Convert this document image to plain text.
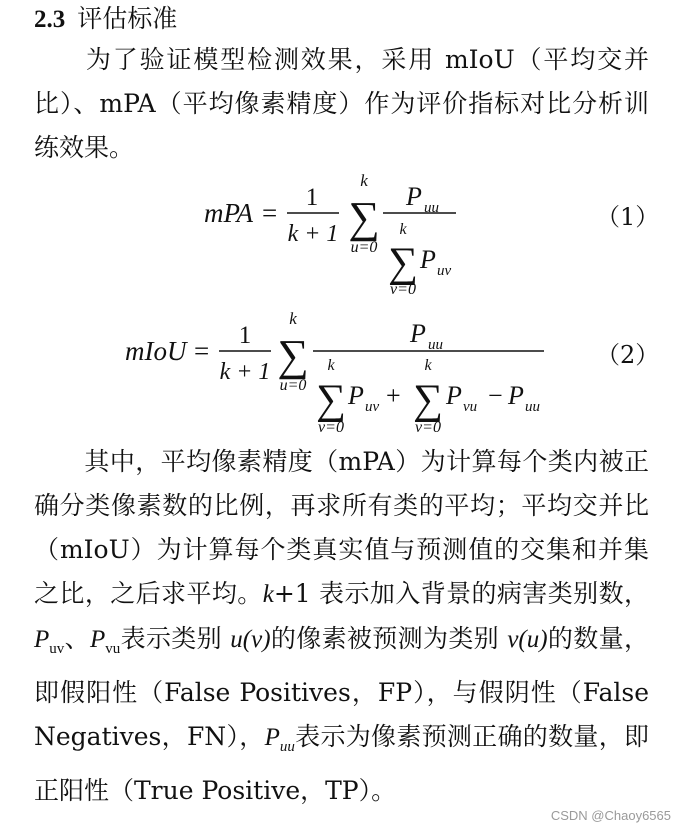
2.3 评估标准
为了验证模型检测效果，采用 mIoU（平均交并比）、mPA（平均像素精度）作为评价指标对比分析训练效果。
mPA =
1
k + 1
k
∑
u=0
P uu
k
∑
v=0
P uv
mIoU =
1
k + 1
k
∑
u=0
P uu
k
∑
v=0
P uv +
k
∑
v=0
P vu − P uu
（1）
（2）
其中，平均像素精度（mPA）为计算每个类内被正确分类像素数的比例，再求所有类的平均；平均交并比（mIoU）为计算每个类真实值与预测值的交集和并集之比，之后求平均。k+1 表示加入背景的病害类别数，$P_{uv}$、$P_{vu}$表示类别 u(v)的像素被预测为类别 v(u)的数量，即假阳性（False Positives，FP），与假阴性（False Negatives，FN），$P_{uu}$表示为像素预测正确的数量，即正阳性（True Positive，TP）。
CSDN @Chaoy6565
